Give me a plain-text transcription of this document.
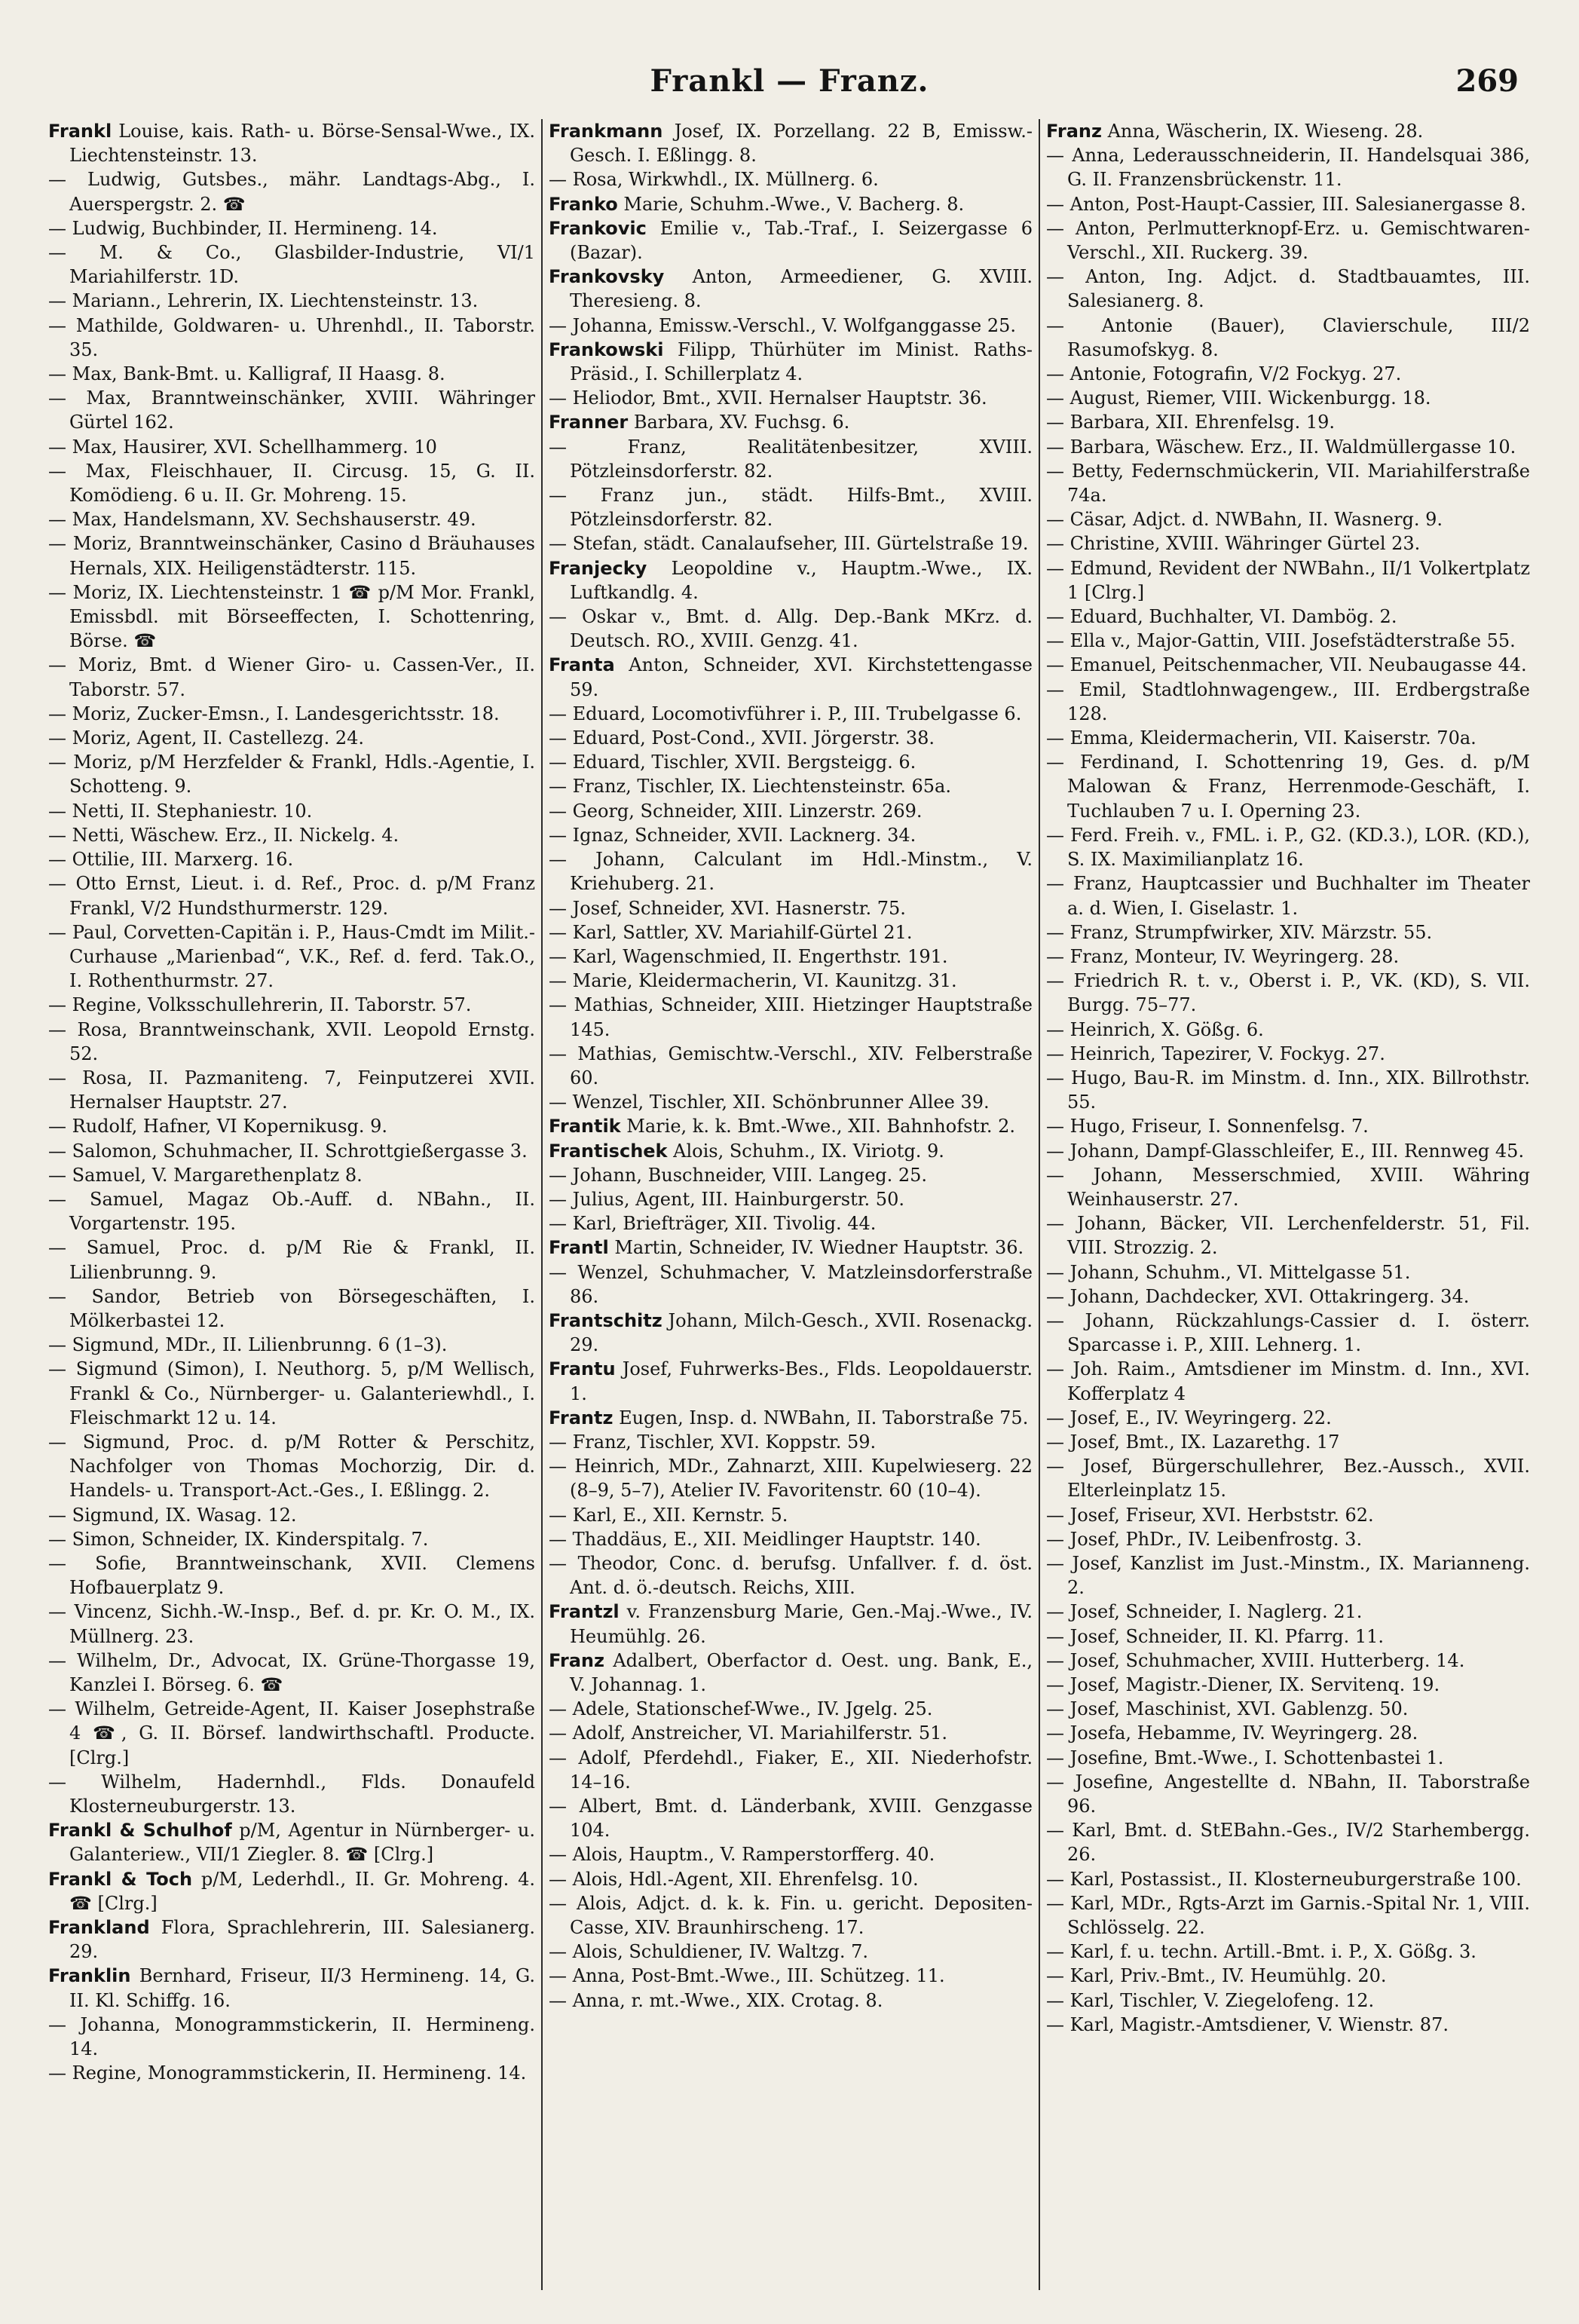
Frankl — Franz.	269

Frankl Louise, kais. Rath- u. Börse-Sensal-Wwe., IX. Liechtensteinstr. 13.

— Ludwig, Gutsbes., mähr. Landtags-Abg., I. Auerspergstr. 2. ☎

— Ludwig, Buchbinder, II. Hermineng. 14.

— M. & Co., Glasbilder-Industrie, VI/1 Mariahilferstr. 1D.

— Mariann., Lehrerin, IX. Liechtensteinstr. 13.

— Mathilde, Goldwaren- u. Uhrenhdl., II. Taborstr. 35.

— Max, Bank-Bmt. u. Kalligraf, II Haasg. 8.

— Max, Branntweinschänker, XVIII. Währinger Gürtel 162.

— Max, Hausirer, XVI. Schellhammerg. 10

— Max, Fleischhauer, II. Circusg. 15, G. II. Komödieng. 6 u. II. Gr. Mohreng. 15.

— Max, Handelsmann, XV. Sechshauserstr. 49.

— Moriz, Branntweinschänker, Casino d Bräuhauses Hernals, XIX. Heiligenstädterstr. 115.

— Moriz, IX. Liechtensteinstr. 1 ☎ p/M Mor. Frankl, Emissbdl. mit Börseeffecten, I. Schottenring, Börse. ☎

— Moriz, Bmt. d Wiener Giro- u. Cassen-Ver., II. Taborstr. 57.

— Moriz, Zucker-Emsn., I. Landesgerichtsstr. 18.

— Moriz, Agent, II. Castellezg. 24.

— Moriz, p/M Herzfelder & Frankl, Hdls.-Agentie, I. Schotteng. 9.

— Netti, II. Stephaniestr. 10.

— Netti, Wäschew. Erz., II. Nickelg. 4.

— Ottilie, III. Marxerg. 16.

— Otto Ernst, Lieut. i. d. Ref., Proc. d. p/M Franz Frankl, V/2 Hundsthurmerstr. 129.

— Paul, Corvetten-Capitän i. P., Haus-Cmdt im Milit.-Curhause „Marienbad“, V.K., Ref. d. ferd. Tak.O., I. Rothenthurmstr. 27.

— Regine, Volksschullehrerin, II. Taborstr. 57.

— Rosa, Branntweinschank, XVII. Leopold Ernstg. 52.

— Rosa, II. Pazmaniteng. 7, Feinputzerei XVII. Hernalser Hauptstr. 27.

— Rudolf, Hafner, VI Kopernikusg. 9.

— Salomon, Schuhmacher, II. Schrottgießergasse 3.

— Samuel, V. Margarethenplatz 8.

— Samuel, Magaz Ob.-Auff. d. NBahn., II. Vorgartenstr. 195.

— Samuel, Proc. d. p/M Rie & Frankl, II. Lilienbrunng. 9.

— Sandor, Betrieb von Börsegeschäften, I. Mölkerbastei 12.

— Sigmund, MDr., II. Lilienbrunng. 6 (1–3).

— Sigmund (Simon), I. Neuthorg. 5, p/M Wellisch, Frankl & Co., Nürnberger- u. Galanteriewhdl., I. Fleischmarkt 12 u. 14.

— Sigmund, Proc. d. p/M Rotter & Perschitz, Nachfolger von Thomas Mochorzig, Dir. d. Handels- u. Transport-Act.-Ges., I. Eßlingg. 2.

— Sigmund, IX. Wasag. 12.

— Simon, Schneider, IX. Kinderspitalg. 7.

— Sofie, Branntweinschank, XVII. Clemens Hofbauerplatz 9.

— Vincenz, Sichh.-W.-Insp., Bef. d. pr. Kr. O. M., IX. Müllnerg. 23.

— Wilhelm, Dr., Advocat, IX. Grüne-Thorgasse 19, Kanzlei I. Börseg. 6. ☎

— Wilhelm, Getreide-Agent, II. Kaiser Josephstraße 4 ☎, G. II. Börsef. landwirthschaftl. Producte. [Clrg.]

— Wilhelm, Hadernhdl., Flds. Donaufeld Klosterneuburgerstr. 13.

Frankl & Schulhof p/M, Agentur in Nürnberger- u. Galanteriew., VII/1 Ziegler. 8. ☎ [Clrg.]

Frankl & Toch p/M, Lederhdl., II. Gr. Mohreng. 4. ☎ [Clrg.]

Frankland Flora, Sprachlehrerin, III. Salesianerg. 29.

Franklin Bernhard, Friseur, II/3 Hermineng. 14, G. II. Kl. Schiffg. 16.

— Johanna, Monogrammstickerin, II. Hermineng. 14.

— Regine, Monogrammstickerin, II. Hermineng. 14.

Frankmann Josef, IX. Porzellang. 22 B, Emissw.-Gesch. I. Eßlingg. 8.

— Rosa, Wirkwhdl., IX. Müllnerg. 6.

Franko Marie, Schuhm.-Wwe., V. Bacherg. 8.

Frankovic Emilie v., Tab.-Traf., I. Seizergasse 6 (Bazar).

Frankovsky Anton, Armeediener, G. XVIII. Theresieng. 8.

— Johanna, Emissw.-Verschl., V. Wolfganggasse 25.

Frankowski Filipp, Thürhüter im Minist. Raths-Präsid., I. Schillerplatz 4.

— Heliodor, Bmt., XVII. Hernalser Hauptstr. 36.

Franner Barbara, XV. Fuchsg. 6.

— Franz, Realitätenbesitzer, XVIII. Pötzleinsdorferstr. 82.

— Franz jun., städt. Hilfs-Bmt., XVIII. Pötzleinsdorferstr. 82.

— Stefan, städt. Canalaufseher, III. Gürtelstraße 19.

Franjecky Leopoldine v., Hauptm.-Wwe., IX. Luftkandlg. 4.

— Oskar v., Bmt. d. Allg. Dep.-Bank MKrz. d. Deutsch. RO., XVIII. Genzg. 41.

Franta Anton, Schneider, XVI. Kirchstettengasse 59.

— Eduard, Locomotivführer i. P., III. Trubelgasse 6.

— Eduard, Post-Cond., XVII. Jörgerstr. 38.

— Eduard, Tischler, XVII. Bergsteigg. 6.

— Franz, Tischler, IX. Liechtensteinstr. 65a.

— Georg, Schneider, XIII. Linzerstr. 269.

— Ignaz, Schneider, XVII. Lacknerg. 34.

— Johann, Calculant im Hdl.-Minstm., V. Kriehuberg. 21.

— Josef, Schneider, XVI. Hasnerstr. 75.

— Karl, Sattler, XV. Mariahilf-Gürtel 21.

— Karl, Wagenschmied, II. Engerthstr. 191.

— Marie, Kleidermacherin, VI. Kaunitzg. 31.

— Mathias, Schneider, XIII. Hietzinger Hauptstraße 145.

— Mathias, Gemischtw.-Verschl., XIV. Felberstraße 60.

— Wenzel, Tischler, XII. Schönbrunner Allee 39.

Frantik Marie, k. k. Bmt.-Wwe., XII. Bahnhofstr. 2.

Frantischek Alois, Schuhm., IX. Viriotg. 9.

— Johann, Buschneider, VIII. Langeg. 25.

— Julius, Agent, III. Hainburgerstr. 50.

— Karl, Briefträger, XII. Tivolig. 44.

Frantl Martin, Schneider, IV. Wiedner Hauptstr. 36.

— Wenzel, Schuhmacher, V. Matzleinsdorferstraße 86.

Frantschitz Johann, Milch-Gesch., XVII. Rosenackg. 29.

Frantu Josef, Fuhrwerks-Bes., Flds. Leopoldauerstr. 1.

Frantz Eugen, Insp. d. NWBahn, II. Taborstraße 75.

— Franz, Tischler, XVI. Koppstr. 59.

— Heinrich, MDr., Zahnarzt, XIII. Kupelwieserg. 22 (8–9, 5–7), Atelier IV. Favoritenstr. 60 (10–4).

— Karl, E., XII. Kernstr. 5.

— Thaddäus, E., XII. Meidlinger Hauptstr. 140.

— Theodor, Conc. d. berufsg. Unfallver. f. d. öst. Ant. d. ö.-deutsch. Reichs, XIII.

Frantzl v. Franzensburg Marie, Gen.-Maj.-Wwe., IV. Heumühlg. 26.

Franz Adalbert, Oberfactor d. Oest. ung. Bank, E., V. Johannag. 1.

— Adele, Stationschef-Wwe., IV. Jgelg. 25.

— Adolf, Anstreicher, VI. Mariahilferstr. 51.

— Adolf, Pferdehdl., Fiaker, E., XII. Niederhofstr. 14–16.

— Albert, Bmt. d. Länderbank, XVIII. Genzgasse 104.

— Alois, Hauptm., V. Ramperstorfferg. 40.

— Alois, Hdl.-Agent, XII. Ehrenfelsg. 10.

— Alois, Adjct. d. k. k. Fin. u. gericht. Depositen-Casse, XIV. Braunhirscheng. 17.

— Alois, Schuldiener, IV. Waltzg. 7.

— Anna, Post-Bmt.-Wwe., III. Schützeg. 11.

— Anna, r. mt.-Wwe., XIX. Crotag. 8.

Franz Anna, Wäscherin, IX. Wieseng. 28.

— Anna, Lederausschneiderin, II. Handelsquai 386, G. II. Franzensbrückenstr. 11.

— Anton, Post-Haupt-Cassier, III. Salesianergasse 8.

— Anton, Perlmutterknopf-Erz. u. Gemischtwaren-Verschl., XII. Ruckerg. 39.

— Anton, Ing. Adjct. d. Stadtbauamtes, III. Salesianerg. 8.

— Antonie (Bauer), Clavierschule, III/2 Rasumofskyg. 8.

— Antonie, Fotografin, V/2 Fockyg. 27.

— August, Riemer, VIII. Wickenburgg. 18.

— Barbara, XII. Ehrenfelsg. 19.

— Barbara, Wäschew. Erz., II. Waldmüllergasse 10.

— Betty, Federnschmückerin, VII. Mariahilferstraße 74a.

— Cäsar, Adjct. d. NWBahn, II. Wasnerg. 9.

— Christine, XVIII. Währinger Gürtel 23.

— Edmund, Revident der NWBahn., II/1 Volkertplatz 1 [Clrg.]

— Eduard, Buchhalter, VI. Dambög. 2.

— Ella v., Major-Gattin, VIII. Josefstädterstraße 55.

— Emanuel, Peitschenmacher, VII. Neubaugasse 44.

— Emil, Stadtlohnwagengew., III. Erdbergstraße 128.

— Emma, Kleidermacherin, VII. Kaiserstr. 70a.

— Ferdinand, I. Schottenring 19, Ges. d. p/M Malowan & Franz, Herrenmode-Geschäft, I. Tuchlauben 7 u. I. Operning 23.

— Ferd. Freih. v., FML. i. P., G2. (KD.3.), LOR. (KD.), S. IX. Maximilianplatz 16.

— Franz, Hauptcassier und Buchhalter im Theater a. d. Wien, I. Giselastr. 1.

— Franz, Strumpfwirker, XIV. Märzstr. 55.

— Franz, Monteur, IV. Weyringerg. 28.

— Friedrich R. t. v., Oberst i. P., VK. (KD), S. VII. Burgg. 75–77.

— Heinrich, X. Gößg. 6.

— Heinrich, Tapezirer, V. Fockyg. 27.

— Hugo, Bau-R. im Minstm. d. Inn., XIX. Billrothstr. 55.

— Hugo, Friseur, I. Sonnenfelsg. 7.

— Johann, Dampf-Glasschleifer, E., III. Rennweg 45.

— Johann, Messerschmied, XVIII. Währing Weinhauserstr. 27.

— Johann, Bäcker, VII. Lerchenfelderstr. 51, Fil. VIII. Strozzig. 2.

— Johann, Schuhm., VI. Mittelgasse 51.

— Johann, Dachdecker, XVI. Ottakringerg. 34.

— Johann, Rückzahlungs-Cassier d. I. österr. Sparcasse i. P., XIII. Lehnerg. 1.

— Joh. Raim., Amtsdiener im Minstm. d. Inn., XVI. Kofferplatz 4

— Josef, E., IV. Weyringerg. 22.

— Josef, Bmt., IX. Lazarethg. 17

— Josef, Bürgerschullehrer, Bez.-Aussch., XVII. Elterleinplatz 15.

— Josef, Friseur, XVI. Herbststr. 62.

— Josef, PhDr., IV. Leibenfrostg. 3.

— Josef, Kanzlist im Just.-Minstm., IX. Marianneng. 2.

— Josef, Schneider, I. Naglerg. 21.

— Josef, Schneider, II. Kl. Pfarrg. 11.

— Josef, Schuhmacher, XVIII. Hutterberg. 14.

— Josef, Magistr.-Diener, IX. Servitenq. 19.

— Josef, Maschinist, XVI. Gablenzg. 50.

— Josefa, Hebamme, IV. Weyringerg. 28.

— Josefine, Bmt.-Wwe., I. Schottenbastei 1.

— Josefine, Angestellte d. NBahn, II. Taborstraße 96.

— Karl, Bmt. d. StEBahn.-Ges., IV/2 Starhembergg. 26.

— Karl, Postassist., II. Klosterneuburgerstraße 100.

— Karl, MDr., Rgts-Arzt im Garnis.-Spital Nr. 1, VIII. Schlösselg. 22.

— Karl, f. u. techn. Artill.-Bmt. i. P., X. Gößg. 3.

— Karl, Priv.-Bmt., IV. Heumühlg. 20.

— Karl, Tischler, V. Ziegelofeng. 12.

— Karl, Magistr.-Amtsdiener, V. Wienstr. 87.
